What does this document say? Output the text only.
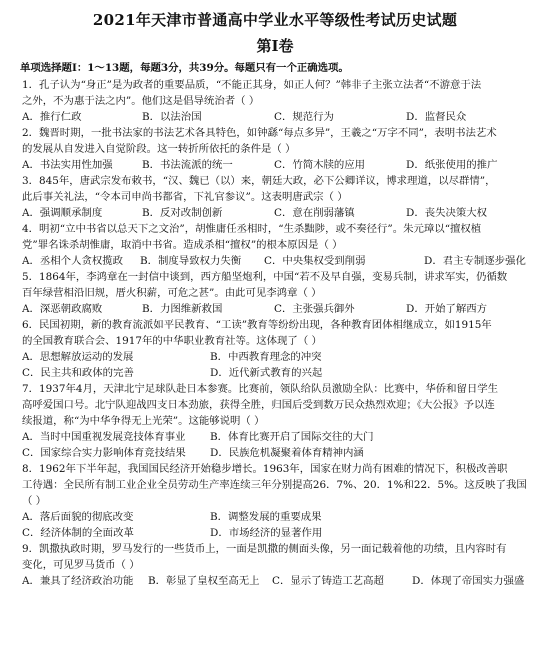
2021年天津市普通高中学业水平等级性考试历史试题
第Ⅰ卷
单项选择题Ⅰ：1～13题，每题3分，共39分。每题只有一个正确选项。
1．孔子认为“身正”是为政者的重要品质，“不能正其身，如正人何？”韩非子主张立法者“不游意于法
之外，不为惠于法之内”。他们这是倡导统治者（ ）
A．推行仁政	B．以法治国	C．规范行为	D．监督民众
2．魏晋时期，一批书法家的书法艺术各具特色，如钟繇“每点多异”，王羲之“万字不同”，表明书法艺术
的发展从自发进入自觉阶段。这一转折所依托的条件是（ ）
A．书法实用性加强	B．书法流派的统一	C．竹简木牍的应用	D．纸张使用的推广
3．845年，唐武宗发布敕书，“汉、魏已（以）来，朝廷大政，必下公卿详议，博求理道，以尽群情”，
此后事关礼法，“令本司申尚书都省，下礼官参议”。这表明唐武宗（ ）
A．强调顺承制度	B．反对改制创新	C．意在削弱藩镇	D．丧失决策大权
4．明初“立中书省以总天下之文治”，胡惟庸任丞相时，“生杀黜陟，或不奏径行”。朱元璋以“擅权植
党”罪名诛杀胡惟庸，取消中书省。造成杀相“擅权”的根本原因是（ ）
A．丞相个人贪权揽政	B．制度导致权力失衡	C．中央集权受到削弱	D．君主专制逐步强化
5．1864年，李鸿章在一封信中谈到，西方船坚炮利，中国“若不及早自强，变易兵制，讲求军实，仍循数
百年绿营相沿旧规，厝火积薪，可危之甚”。由此可见李鸿章（ ）
A．深恶朝政腐败	B．力图维新救国	C．主张强兵御外	D．开始了解西方
6．民国初期，新的教育流派如平民教育、“工读”教育等纷纷出现，各种教育团体相继成立，如1915年
的全国教育联合会、1917年的中华职业教育社等。这体现了（ ）
A．思想解放运动的发展	B．中西教育理念的冲突
C．民主共和政体的完善	D．近代新式教育的兴起
7．1937年4月，天津北宁足球队赴日本参赛。比赛前，领队给队员激励全队：比赛中，华侨和留日学生
高呼爱国口号。北宁队迎战四支日本劲旅，获得全胜，归国后受到数万民众热烈欢迎；《大公报》予以连
续报道，称“为中华争得无上光荣”。这能够说明（ ）
A．当时中国重视发展竞技体育事业	B．体育比赛开启了国际交往的大门
C．国家综合实力影响体育竞技结果	D．民族危机凝聚着体育精神内涵
8．1962年下半年起，我国国民经济开始稳步增长。1963年，国家在财力尚有困难的情况下，积极改善职
工待遇：全民所有制工业企业全员劳动生产率连续三年分别提高26．7%、20．1%和22．5%。这反映了我国
（ ）
A．落后面貌的彻底改变	B．调整发展的重要成果
C．经济体制的全面改革	D．市场经济的显著作用
9．凯撒执政时期，罗马发行的一些货币上，一面是凯撒的侧面头像，另一面记载着他的功绩，且内容时有
变化，可见罗马货币（ ）
A．兼具了经济政治功能	B．彰显了皇权至高无上	C．显示了铸造工艺高超	D．体现了帝国实力强盛
